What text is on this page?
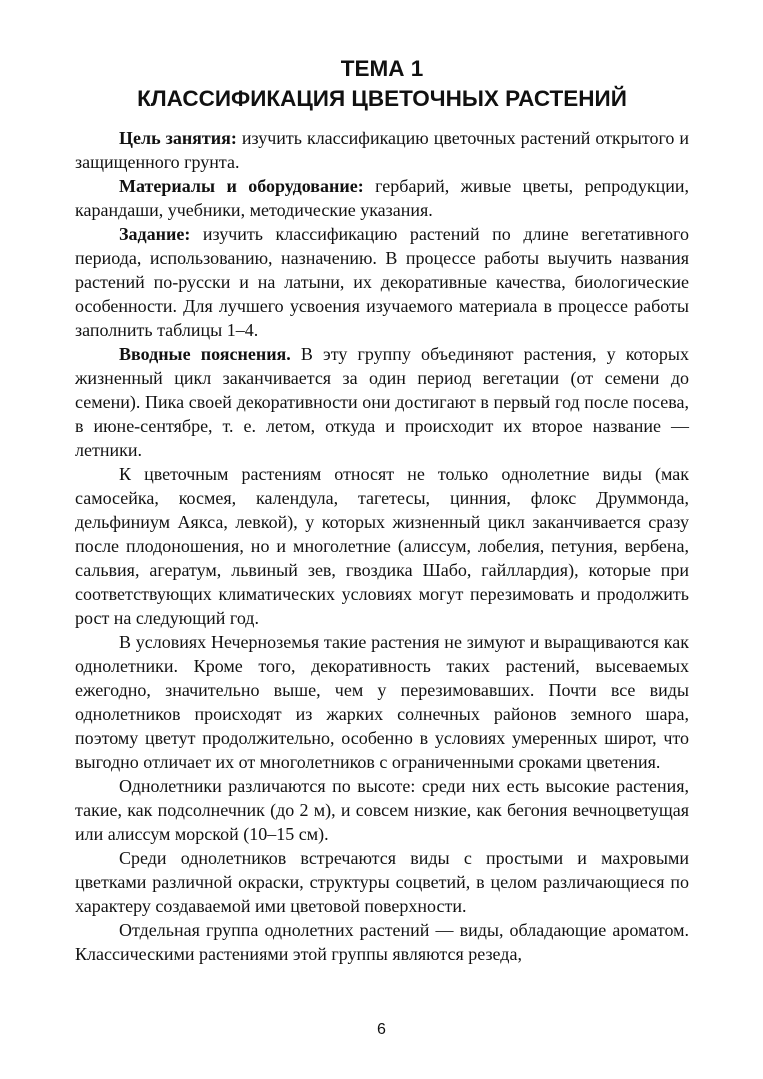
ТЕМА 1
КЛАССИФИКАЦИЯ ЦВЕТОЧНЫХ РАСТЕНИЙ

Цель занятия: изучить классификацию цветочных растений открытого и защищенного грунта.

Материалы и оборудование: гербарий, живые цветы, репродукции, карандаши, учебники, методические указания.

Задание: изучить классификацию растений по длине вегетативного периода, использованию, назначению. В процессе работы выучить названия растений по-русски и на латыни, их декоративные качества, биологические особенности. Для лучшего усвоения изучаемого материала в процессе работы заполнить таблицы 1–4.

Вводные пояснения. В эту группу объединяют растения, у которых жизненный цикл заканчивается за один период вегетации (от семени до семени). Пика своей декоративности они достигают в первый год после посева, в июне-сентябре, т. е. летом, откуда и происходит их второе название — летники.

К цветочным растениям относят не только однолетние виды (мак самосейка, космея, календула, тагетесы, цинния, флокс Друммонда, дельфиниум Аякса, левкой), у которых жизненный цикл заканчивается сразу после плодоношения, но и многолетние (алиссум, лобелия, петуния, вербена, сальвия, агератум, львиный зев, гвоздика Шабо, гайллардия), которые при соответствующих климатических условиях могут перезимовать и продолжить рост на следующий год.

В условиях Нечерноземья такие растения не зимуют и выращиваются как однолетники. Кроме того, декоративность таких растений, высеваемых ежегодно, значительно выше, чем у перезимовавших. Почти все виды однолетников происходят из жарких солнечных районов земного шара, поэтому цветут продолжительно, особенно в условиях умеренных широт, что выгодно отличает их от многолетников с ограниченными сроками цветения.

Однолетники различаются по высоте: среди них есть высокие растения, такие, как подсолнечник (до 2 м), и совсем низкие, как бегония вечноцветущая или алиссум морской (10–15 см).

Среди однолетников встречаются виды с простыми и махровыми цветками различной окраски, структуры соцветий, в целом различающиеся по характеру создаваемой ими цветовой поверхности.

Отдельная группа однолетних растений — виды, обладающие ароматом. Классическими растениями этой группы являются резеда,

6
